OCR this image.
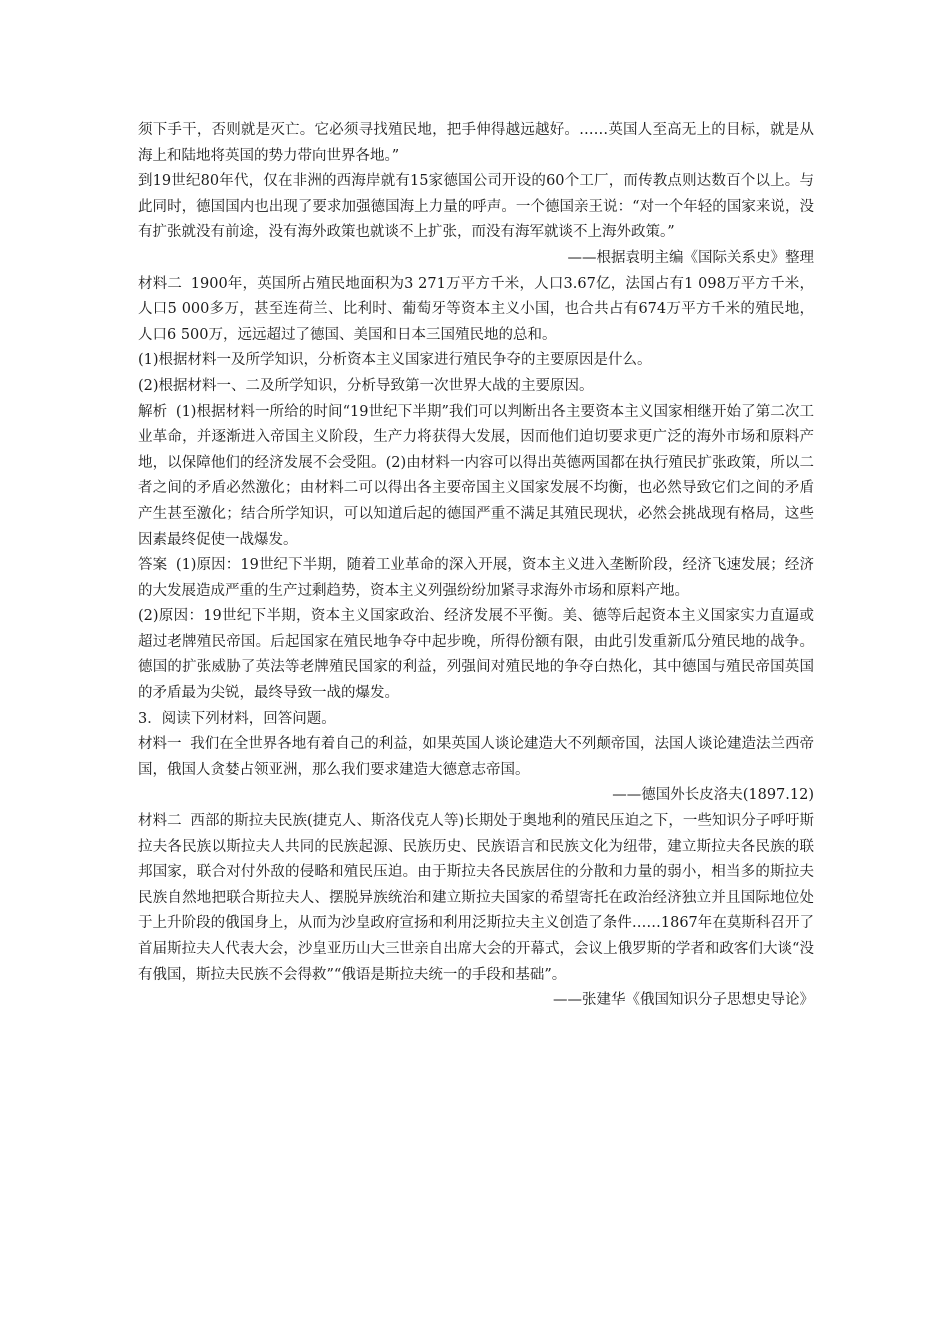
须下手干，否则就是灭亡。它必须寻找殖民地，把手伸得越远越好。……英国人至高无上的目标，就是从海上和陆地将英国的势力带向世界各地。”

到19世纪80年代，仅在非洲的西海岸就有15家德国公司开设的60个工厂，而传教点则达数百个以上。与此同时，德国国内也出现了要求加强德国海上力量的呼声。一个德国亲王说：“对一个年轻的国家来说，没有扩张就没有前途，没有海外政策也就谈不上扩张，而没有海军就谈不上海外政策。”

——根据袁明主编《国际关系史》整理

材料二 1900年，英国所占殖民地面积为3 271万平方千米，人口3.67亿，法国占有1 098万平方千米，人口5 000多万，甚至连荷兰、比利时、葡萄牙等资本主义小国，也合共占有674万平方千米的殖民地，人口6 500万，远远超过了德国、美国和日本三国殖民地的总和。

(1)根据材料一及所学知识，分析资本主义国家进行殖民争夺的主要原因是什么。

(2)根据材料一、二及所学知识，分析导致第一次世界大战的主要原因。

解析 (1)根据材料一所给的时间“19世纪下半期”我们可以判断出各主要资本主义国家相继开始了第二次工业革命，并逐渐进入帝国主义阶段，生产力将获得大发展，因而他们迫切要求更广泛的海外市场和原料产地，以保障他们的经济发展不会受阻。(2)由材料一内容可以得出英德两国都在执行殖民扩张政策，所以二者之间的矛盾必然激化；由材料二可以得出各主要帝国主义国家发展不均衡，也必然导致它们之间的矛盾产生甚至激化；结合所学知识，可以知道后起的德国严重不满足其殖民现状，必然会挑战现有格局，这些因素最终促使一战爆发。

答案 (1)原因：19世纪下半期，随着工业革命的深入开展，资本主义进入垄断阶段，经济飞速发展；经济的大发展造成严重的生产过剩趋势，资本主义列强纷纷加紧寻求海外市场和原料产地。

(2)原因：19世纪下半期，资本主义国家政治、经济发展不平衡。美、德等后起资本主义国家实力直逼或超过老牌殖民帝国。后起国家在殖民地争夺中起步晚，所得份额有限，由此引发重新瓜分殖民地的战争。德国的扩张威胁了英法等老牌殖民国家的利益，列强间对殖民地的争夺白热化，其中德国与殖民帝国英国的矛盾最为尖锐，最终导致一战的爆发。

3．阅读下列材料，回答问题。

材料一 我们在全世界各地有着自己的利益，如果英国人谈论建造大不列颠帝国，法国人谈论建造法兰西帝国，俄国人贪婪占领亚洲，那么我们要求建造大德意志帝国。

——德国外长皮洛夫(1897.12)

材料二 西部的斯拉夫民族(捷克人、斯洛伐克人等)长期处于奥地利的殖民压迫之下，一些知识分子呼吁斯拉夫各民族以斯拉夫人共同的民族起源、民族历史、民族语言和民族文化为纽带，建立斯拉夫各民族的联邦国家，联合对付外敌的侵略和殖民压迫。由于斯拉夫各民族居住的分散和力量的弱小，相当多的斯拉夫民族自然地把联合斯拉夫人、摆脱异族统治和建立斯拉夫国家的希望寄托在政治经济独立并且国际地位处于上升阶段的俄国身上，从而为沙皇政府宣扬和利用泛斯拉夫主义创造了条件……1867年在莫斯科召开了首届斯拉夫人代表大会，沙皇亚历山大三世亲自出席大会的开幕式，会议上俄罗斯的学者和政客们大谈“没有俄国，斯拉夫民族不会得救”“俄语是斯拉夫统一的手段和基础”。

——张建华《俄国知识分子思想史导论》
